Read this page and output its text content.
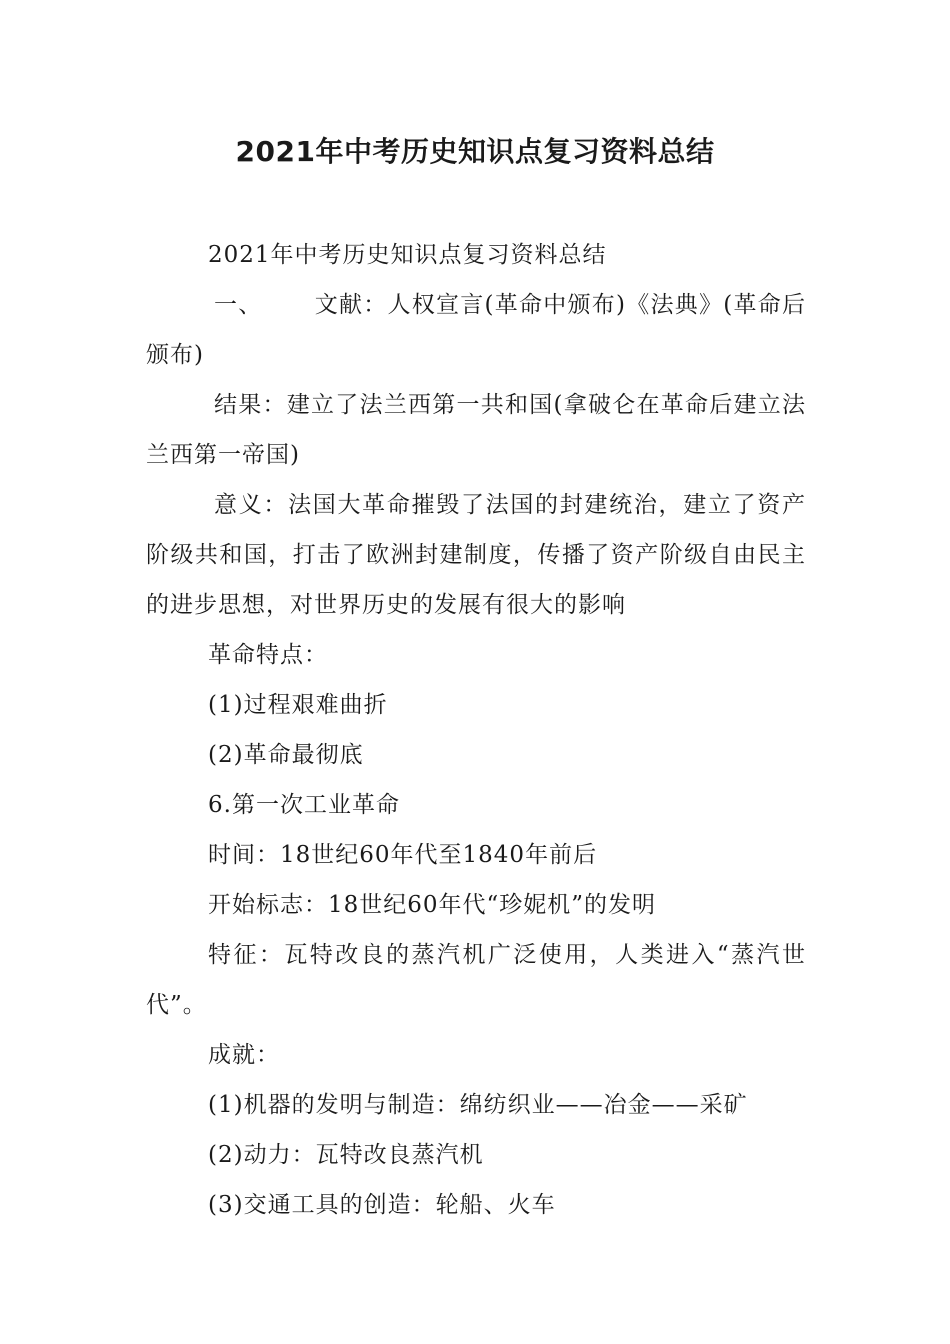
2021年中考历史知识点复习资料总结

2021年中考历史知识点复习资料总结

一、 文献：人权宣言(革命中颁布)《法典》(革命后颁布)

结果：建立了法兰西第一共和国(拿破仑在革命后建立法兰西第一帝国)

意义：法国大革命摧毁了法国的封建统治，建立了资产阶级共和国，打击了欧洲封建制度，传播了资产阶级自由民主的进步思想，对世界历史的发展有很大的影响

革命特点：

(1)过程艰难曲折

(2)革命最彻底

6.第一次工业革命

时间：18世纪60年代至1840年前后

开始标志：18世纪60年代“珍妮机”的发明

特征：瓦特改良的蒸汽机广泛使用，人类进入“蒸汽世代”。

成就：

(1)机器的发明与制造：绵纺织业——冶金——采矿

(2)动力：瓦特改良蒸汽机

(3)交通工具的创造：轮船、火车
